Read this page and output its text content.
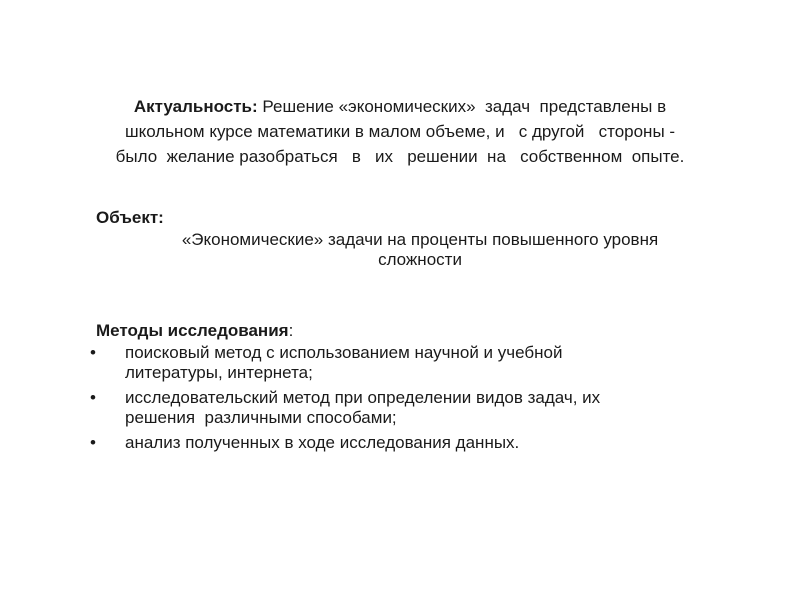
Актуальность: Решение «экономических»  задач  представлены в
школьном курсе математики в малом объеме, и   с другой   стороны -
было  желание разобраться   в   их   решении  на   собственном  опыте.
Объект:
«Экономические» задачи на проценты повышенного уровня
сложности
Методы исследования:
• поисковый метод с использованием научной и учебной
литературы, интернета;
• исследовательский метод при определении видов задач, их
решения  различными способами;
• анализ полученных в ходе исследования данных.
